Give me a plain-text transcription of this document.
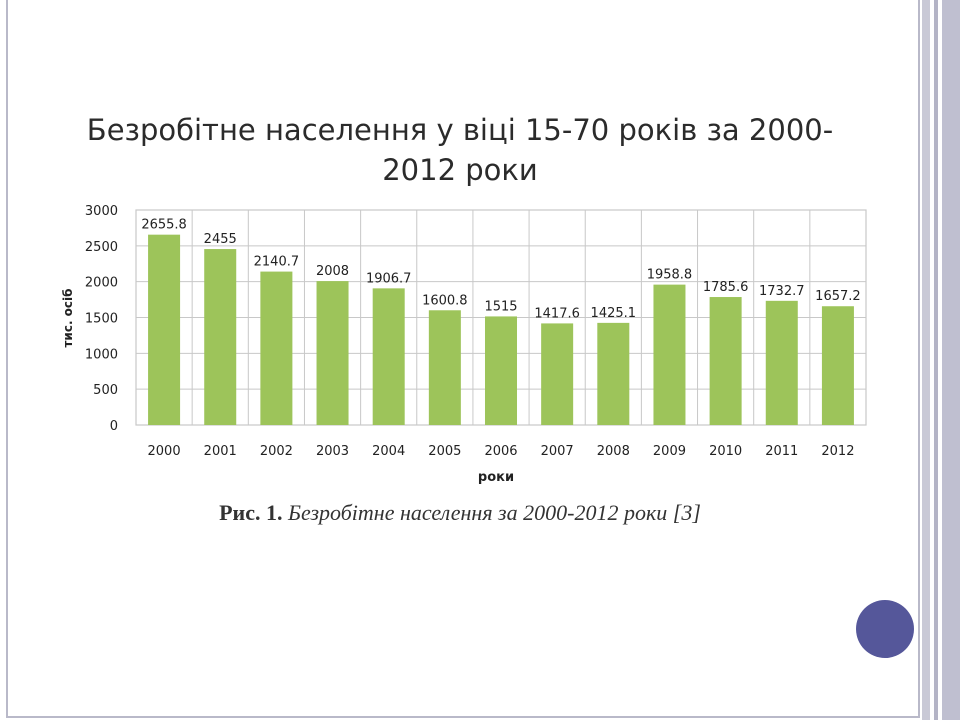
Безробітне населення у віці 15-70 років за 2000-2012 роки
0
500
1000
1500
2000
2500
3000
2655.8
2000
2455
2001
2140.7
2002
2008
2003
1906.7
2004
1600.8
2005
1515
2006
1417.6
2007
1425.1
2008
1958.8
2009
1785.6
2010
1732.7
2011
1657.2
2012
роки
тис. осіб
Рис. 1. Безробітне населення за 2000-2012 роки [3]
